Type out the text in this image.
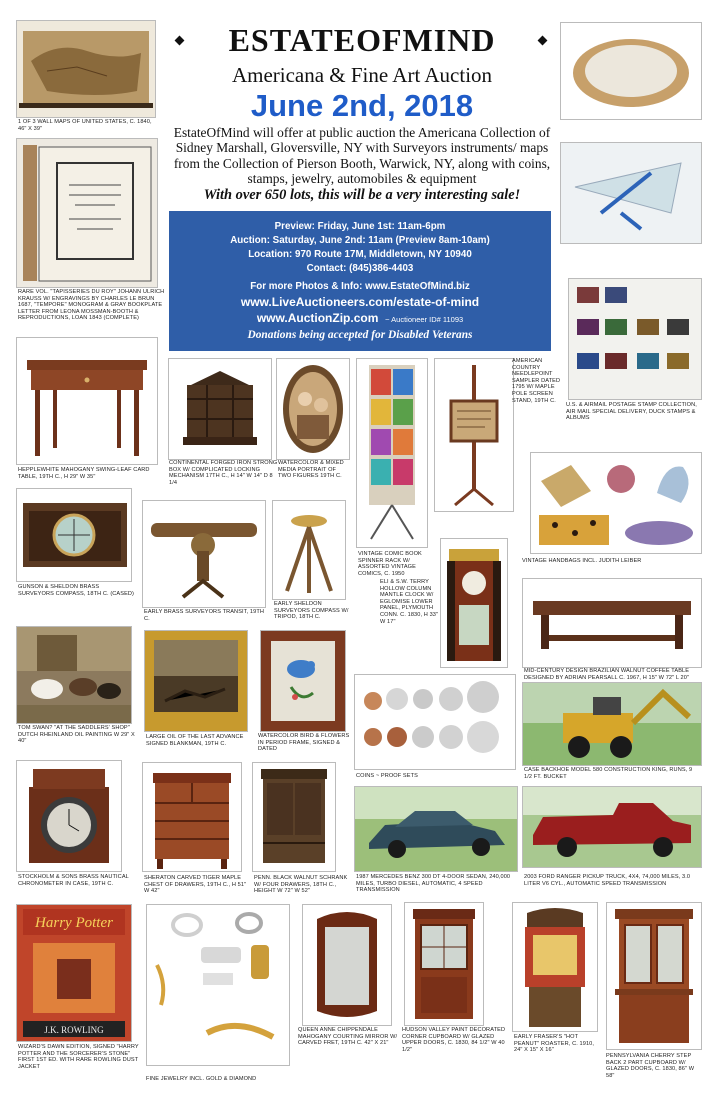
ESTATEOFMIND
Americana & Fine Art Auction
June 2nd, 2018
EstateOfMind will offer at public auction the Americana Collection of Sidney Marshall, Gloversville, NY with Surveyors instruments/ maps from the Collection of Pierson Booth, Warwick, NY, along with coins, stamps, jewelry, automobiles & equipment
With over 650 lots, this will be a very interesting sale!
Preview: Friday, June 1st: 11am-6pm
Auction: Saturday, June 2nd: 11am (Preview 8am-10am)
Location: 970 Route 17M, Middletown, NY 10940
Contact: (845)386-4403
For more Photos & Info: www.EstateOfMind.biz
www.LiveAuctioneers.com/estate-of-mind
www.AuctionZip.com ~ Auctioneer ID# 11093
Donations being accepted for Disabled Veterans
1 OF 3 WALL MAPS OF UNITED STATES, C. 1840, 46" X 39"
RARE VOL. "TAPISSERIES DU ROY" JOHANN ULRICH KRAUSS W/ ENGRAVINGS BY CHARLES LE BRUN 1687, "TEMPORE" MONOGRAM & GRAY BOOKPLATE LETTER FROM LEONA MOSSMAN-BOOTH & REPRODUCTIONS, LOAN 1843 (COMPLETE)
HEPPLEWHITE MAHOGANY SWING-LEAF CARD TABLE, 19TH C., H 29" W 35"
GUNSON & SHELDON BRASS SURVEYORS COMPASS, 18TH C. (CASED)
TOM SWAN? "AT THE SADDLERS' SHOP" DUTCH RHEINLAND OIL PAINTING W 29" X 40"
STOCKHOLM & SONS BRASS NAUTICAL CHRONOMETER IN CASE, 19TH C.
Harry Potter
J.K. ROWLING
WIZARD'S DAWN EDITION, SIGNED "HARRY POTTER AND THE SORCERER'S STONE" FIRST 1ST ED. WITH RARE ROWLING DUST JACKET
CONTINENTAL FORGED IRON STRONG BOX W/ COMPLICATED LOCKING MECHANISM 17TH C., H 14" W 14" D 8 1/4
WATERCOLOR & MIXED MEDIA PORTRAIT OF TWO FIGURES 19TH C.
EARLY BRASS SURVEYORS TRANSIT, 19TH C.
EARLY SHELDON SURVEYORS COMPASS W/ TRIPOD, 18TH C.
LARGE OIL OF THE LAST ADVANCE SIGNED BLANKMAN, 19TH C.
WATERCOLOR BIRD & FLOWERS IN PERIOD FRAME, SIGNED & DATED
SHERATON CARVED TIGER MAPLE CHEST OF DRAWERS, 19TH C., H 51" W 42"
PENN. BLACK WALNUT SCHRANK W/ FOUR DRAWERS, 18TH C., HEIGHT W 72" W 52"
FINE JEWELRY INCL. GOLD & DIAMOND
QUEEN ANNE CHIPPENDALE MAHOGANY COURTING MIRROR W/ CARVED FRET, 19TH C. 42" X 21"
VINTAGE COMIC BOOK SPINNER RACK W/ ASSORTED VINTAGE COMICS, C. 1950
AMERICAN COUNTRY NEEDLEPOINT SAMPLER DATED 1795 W/ MAPLE POLE SCREEN STAND, 19TH C.
ELI & S.W. TERRY HOLLOW COLUMN MANTLE CLOCK W/ EGLOMISE LOWER PANEL, PLYMOUTH CONN. C. 1830, H 33" W 17"
COINS ~ PROOF SETS
1987 MERCEDES BENZ 300 DT 4-DOOR SEDAN, 240,000 MILES, TURBO DIESEL, AUTOMATIC, 4 SPEED TRANSMISSION
HUDSON VALLEY PAINT DECORATED CORNER CUPBOARD W/ GLAZED UPPER DOORS, C. 1830, 84 1/2" W 40 1/2"
U.S. & AIRMAIL POSTAGE STAMP COLLECTION, AIR MAIL SPECIAL DELIVERY, DUCK STAMPS & ALBUMS
VINTAGE HANDBAGS INCL. JUDITH LEIBER
MID-CENTURY DESIGN BRAZILIAN WALNUT COFFEE TABLE DESIGNED BY ADRIAN PEARSALL C. 1967, H 15" W 72" L 20"
CASE BACKHOE MODEL 580 CONSTRUCTION KING, RUNS, 9 1/2 FT. BUCKET
2003 FORD RANGER PICKUP TRUCK, 4X4, 74,000 MILES, 3.0 LITER V6 CYL., AUTOMATIC SPEED TRANSMISSION
EARLY FRASER'S "HOT PEANUT" ROASTER, C. 1910, 24" X 15" X 16"
PENNSYLVANIA CHERRY STEP BACK 2 PART CUPBOARD W/ GLAZED DOORS, C. 1830, 86" W 58"
